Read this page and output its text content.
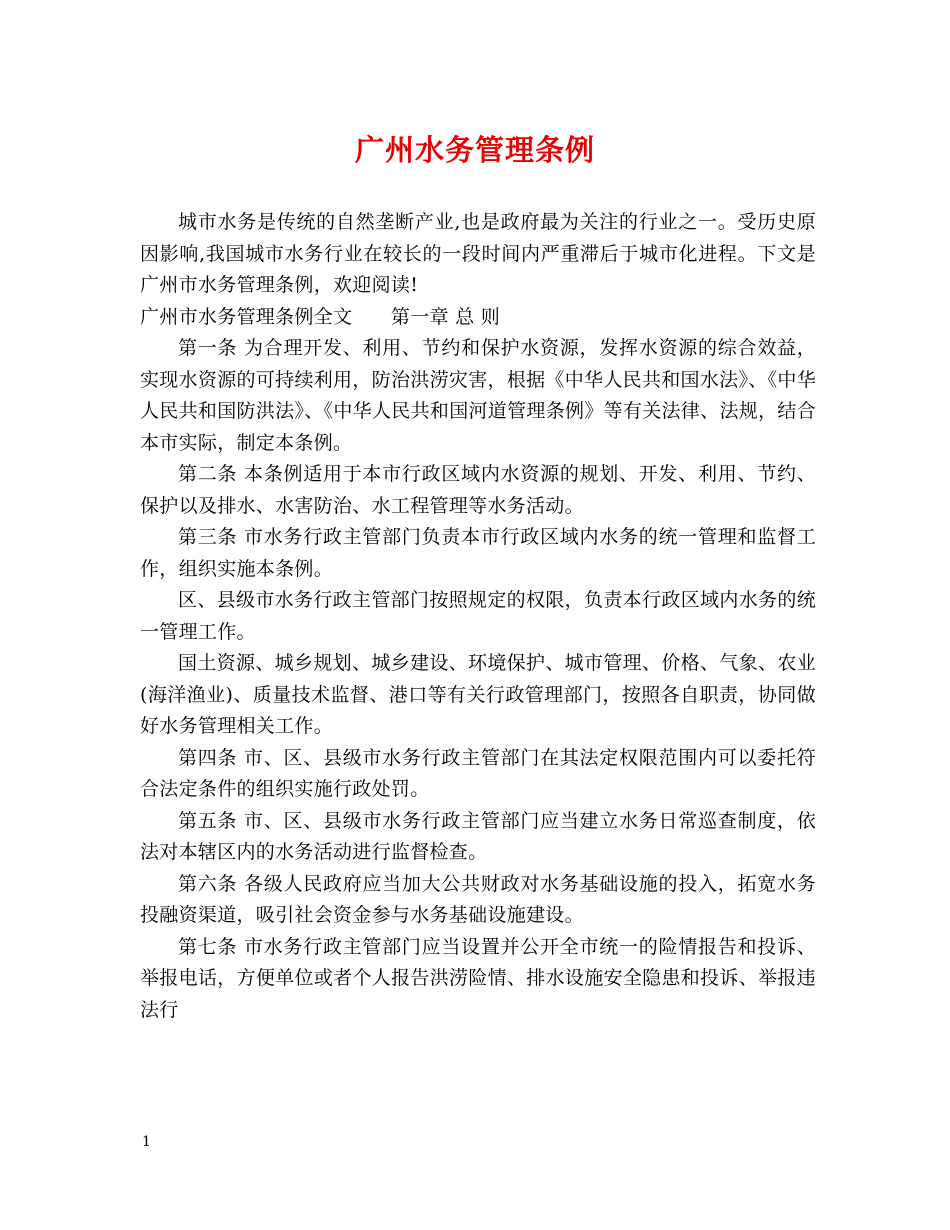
广州水务管理条例

城市水务是传统的自然垄断产业,也是政府最为关注的行业之一。受历史原因影响,我国城市水务行业在较长的一段时间内严重滞后于城市化进程。下文是广州市水务管理条例，欢迎阅读!

广州市水务管理条例全文　　第一章 总 则

第一条 为合理开发、利用、节约和保护水资源，发挥水资源的综合效益，实现水资源的可持续利用，防治洪涝灾害，根据《中华人民共和国水法》、《中华人民共和国防洪法》、《中华人民共和国河道管理条例》等有关法律、法规，结合本市实际，制定本条例。

第二条 本条例适用于本市行政区域内水资源的规划、开发、利用、节约、保护以及排水、水害防治、水工程管理等水务活动。

第三条 市水务行政主管部门负责本市行政区域内水务的统一管理和监督工作，组织实施本条例。

区、县级市水务行政主管部门按照规定的权限，负责本行政区域内水务的统一管理工作。

国土资源、城乡规划、城乡建设、环境保护、城市管理、价格、气象、农业(海洋渔业)、质量技术监督、港口等有关行政管理部门，按照各自职责，协同做好水务管理相关工作。

第四条 市、区、县级市水务行政主管部门在其法定权限范围内可以委托符合法定条件的组织实施行政处罚。

第五条 市、区、县级市水务行政主管部门应当建立水务日常巡查制度，依法对本辖区内的水务活动进行监督检查。

第六条 各级人民政府应当加大公共财政对水务基础设施的投入，拓宽水务投融资渠道，吸引社会资金参与水务基础设施建设。

第七条 市水务行政主管部门应当设置并公开全市统一的险情报告和投诉、举报电话，方便单位或者个人报告洪涝险情、排水设施安全隐患和投诉、举报违法行

1
